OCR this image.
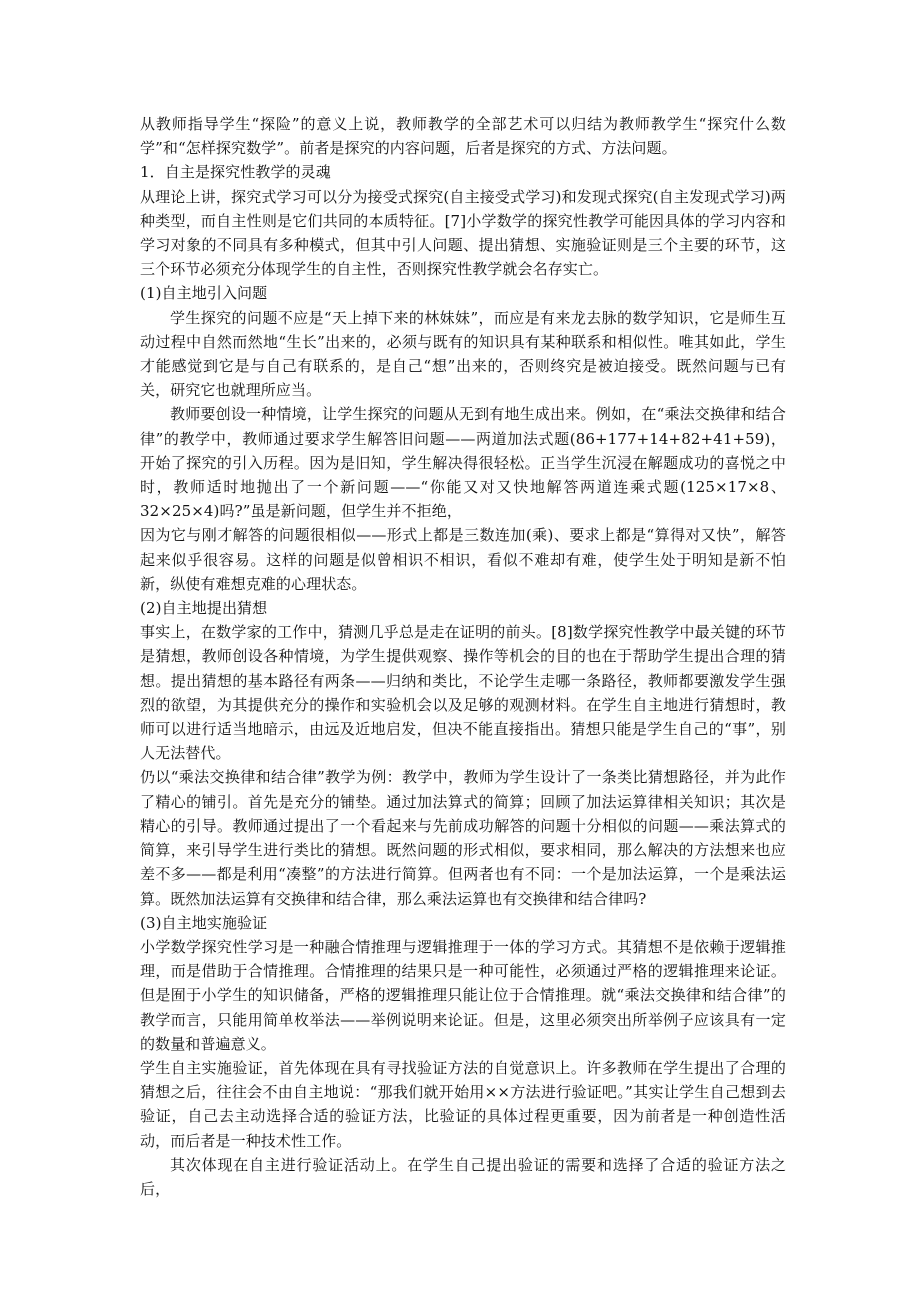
从教师指导学生“探险”的意义上说，教师教学的全部艺术可以归结为教师教学生“探究什么数学”和“怎样探究数学”。前者是探究的内容问题，后者是探究的方式、方法问题。

1．自主是探究性教学的灵魂

从理论上讲，探究式学习可以分为接受式探究(自主接受式学习)和发现式探究(自主发现式学习)两种类型，而自主性则是它们共同的本质特征。[7]小学数学的探究性教学可能因具体的学习内容和学习对象的不同具有多种模式，但其中引人问题、提出猜想、实施验证则是三个主要的环节，这三个环节必须充分体现学生的自主性，否则探究性教学就会名存实亡。

(1)自主地引入问题

学生探究的问题不应是“天上掉下来的林妹妹”，而应是有来龙去脉的数学知识，它是师生互动过程中自然而然地“生长”出来的，必须与既有的知识具有某种联系和相似性。唯其如此，学生才能感觉到它是与自己有联系的，是自己“想”出来的，否则终究是被迫接受。既然问题与已有关，研究它也就理所应当。

教师要创设一种情境，让学生探究的问题从无到有地生成出来。例如，在“乘法交换律和结合律”的教学中，教师通过要求学生解答旧问题——两道加法式题(86+177+14+82+41+59)，开始了探究的引入历程。因为是旧知，学生解决得很轻松。正当学生沉浸在解题成功的喜悦之中时，教师适时地抛出了一个新问题——“你能又对又快地解答两道连乘式题(125×17×8、32×25×4)吗?”虽是新问题，但学生并不拒绝，

因为它与刚才解答的问题很相似——形式上都是三数连加(乘)、要求上都是“算得对又快”，解答起来似乎很容易。这样的问题是似曾相识不相识，看似不难却有难，使学生处于明知是新不怕新，纵使有难想克难的心理状态。

(2)自主地提出猜想

事实上，在数学家的工作中，猜测几乎总是走在证明的前头。[8]数学探究性教学中最关键的环节是猜想，教师创设各种情境，为学生提供观察、操作等机会的目的也在于帮助学生提出合理的猜想。提出猜想的基本路径有两条——归纳和类比，不论学生走哪一条路径，教师都要激发学生强烈的欲望，为其提供充分的操作和实验机会以及足够的观测材料。在学生自主地进行猜想时，教师可以进行适当地暗示，由远及近地启发，但决不能直接指出。猜想只能是学生自己的“事”，别人无法替代。

仍以“乘法交换律和结合律”教学为例：教学中，教师为学生设计了一条类比猜想路径，并为此作了精心的铺引。首先是充分的铺垫。通过加法算式的简算；回顾了加法运算律相关知识；其次是精心的引导。教师通过提出了一个看起来与先前成功解答的问题十分相似的问题——乘法算式的简算，来引导学生进行类比的猜想。既然问题的形式相似，要求相同，那么解决的方法想来也应差不多——都是利用“凑整”的方法进行简算。但两者也有不同：一个是加法运算，一个是乘法运算。既然加法运算有交换律和结合律，那么乘法运算也有交换律和结合律吗?

(3)自主地实施验证

小学数学探究性学习是一种融合情推理与逻辑推理于一体的学习方式。其猜想不是依赖于逻辑推理，而是借助于合情推理。合情推理的结果只是一种可能性，必须通过严格的逻辑推理来论证。但是囿于小学生的知识储备，严格的逻辑推理只能让位于合情推理。就“乘法交换律和结合律”的教学而言，只能用简单枚举法——举例说明来论证。但是，这里必须突出所举例子应该具有一定的数量和普遍意义。

学生自主实施验证，首先体现在具有寻找验证方法的自觉意识上。许多教师在学生提出了合理的猜想之后，往往会不由自主地说：“那我们就开始用××方法进行验证吧。”其实让学生自己想到去验证，自己去主动选择合适的验证方法，比验证的具体过程更重要，因为前者是一种创造性活动，而后者是一种技术性工作。

其次体现在自主进行验证活动上。在学生自己提出验证的需要和选择了合适的验证方法之后，
